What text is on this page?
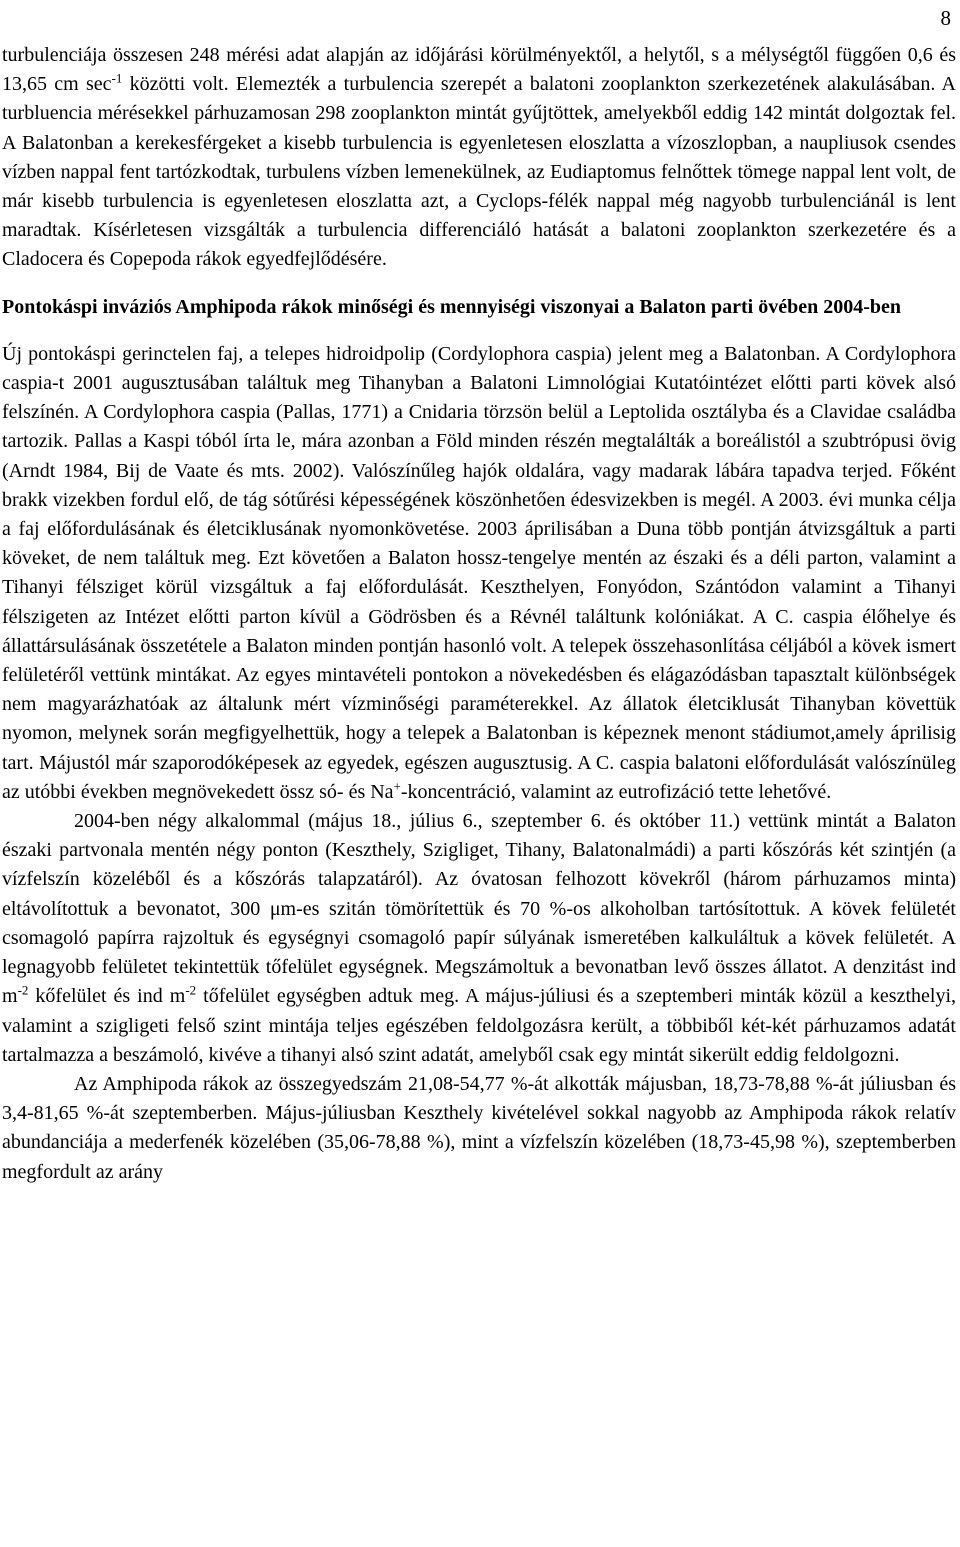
8

turbulenciája összesen 248 mérési adat alapján az időjárási körülményektől, a helytől, s a mélységtől függően 0,6 és 13,65 cm $\sec^{-1}$ közötti volt. Elemezték a turbulencia szerepét a balatoni zooplankton szerkezetének alakulásában. A turbluencia mérésekkel párhuzamosan 298 zooplankton mintát gyűjtöttek, amelyekből eddig 142 mintát dolgoztak fel. A Balatonban a kerekesférgeket a kisebb turbulencia is egyenletesen eloszlatta a vízoszlopban, a naupliusok csendes vízben nappal fent tartózkodtak, turbulens vízben lemenekülnek, az Eudiaptomus felnőttek tömege nappal lent volt, de már kisebb turbulencia is egyenletesen eloszlatta azt, a Cyclops-félék nappal még nagyobb turbulenciánál is lent maradtak. Kísérletesen vizsgálták a turbulencia differenciáló hatását a balatoni zooplankton szerkezetére és a Cladocera és Copepoda rákok egyedfejlődésére.

Pontokáspi inváziós Amphipoda rákok minőségi és mennyiségi viszonyai a Balaton parti övében 2004-ben

Új pontokáspi gerinctelen faj, a telepes hidroidpolip (Cordylophora caspia) jelent meg a Balatonban. A Cordylophora caspia-t 2001 augusztusában találtuk meg Tihanyban a Balatoni Limnológiai Kutatóintézet előtti parti kövek alsó felszínén. A Cordylophora caspia (Pallas, 1771) a Cnidaria törzsön belül a Leptolida osztályba és a Clavidae családba tartozik. Pallas a Kaspi tóból írta le, mára azonban a Föld minden részén megtalálták a boreálistól a szubtrópusi övig (Arndt 1984, Bij de Vaate és mts. 2002). Valószínűleg hajók oldalára, vagy madarak lábára tapadva terjed. Főként brakk vizekben fordul elő, de tág sótűrési képességének köszönhetően édesvizekben is megél. A 2003. évi munka célja a faj előfordulásának és életciklusának nyomonkövetése. 2003 áprilisában a Duna több pontján átvizsgáltuk a parti köveket, de nem találtuk meg. Ezt követően a Balaton hossz-tengelye mentén az északi és a déli parton, valamint a Tihanyi félsziget körül vizsgáltuk a faj előfordulását. Keszthelyen, Fonyódon, Szántódon valamint a Tihanyi félszigeten az Intézet előtti parton kívül a Gödrösben és a Révnél találtunk kolóniákat. A C. caspia élőhelye és állattársulásának összetétele a Balaton minden pontján hasonló volt. A telepek összehasonlítása céljából a kövek ismert felületéről vettünk mintákat. Az egyes mintavételi pontokon a növekedésben és elágazódásban tapasztalt különbségek nem magyarázhatóak az általunk mért vízminőségi paraméterekkel. Az állatok életciklusát Tihanyban követtük nyomon, melynek során megfigyelhettük, hogy a telepek a Balatonban is képeznek menont stádiumot,amely áprilisig tart. Májustól már szaporodóképesek az egyedek, egészen augusztusig. A C. caspia balatoni előfordulását valószínüleg az utóbbi években megnövekedett össz só- és Na+-koncentráció, valamint az eutrofizáció tette lehetővé.

2004-ben négy alkalommal (május 18., július 6., szeptember 6. és október 11.) vettünk mintát a Balaton északi partvonala mentén négy ponton (Keszthely, Szigliget, Tihany, Balatonalmádi) a parti kőszórás két szintjén (a vízfelszín közeléből és a kőszórás talapzatáról). Az óvatosan felhozott kövekről (három párhuzamos minta) eltávolítottuk a bevonatot, 300 μm-es szitán tömörítettük és 70 %-os alkoholban tartósítottuk. A kövek felületét csomagoló papírra rajzoltuk és egységnyi csomagoló papír súlyának ismeretében kalkuláltuk a kövek felületét. A legnagyobb felületet tekintettük tőfelület egységnek. Megszámoltuk a bevonatban levő összes állatot. A denzitást ind $m^{-2}$ kőfelület és ind $m^{-2}$ tőfelület egységben adtuk meg. A május-júliusi és a szeptemberi minták közül a keszthelyi, valamint a szigligeti felső szint mintája teljes egészében feldolgozásra került, a többiből két-két párhuzamos adatát tartalmazza a beszámoló, kivéve a tihanyi alsó szint adatát, amelyből csak egy mintát sikerült eddig feldolgozni.

Az Amphipoda rákok az összegyedszám 21,08-54,77 %-át alkották májusban, 18,73-78,88 %-át júliusban és 3,4-81,65 %-át szeptemberben. Május-júliusban Keszthely kivételével sokkal nagyobb az Amphipoda rákok relatív abundanciája a mederfenék közelében (35,06-78,88 %), mint a vízfelszín közelében (18,73-45,98 %), szeptemberben megfordult az arány
